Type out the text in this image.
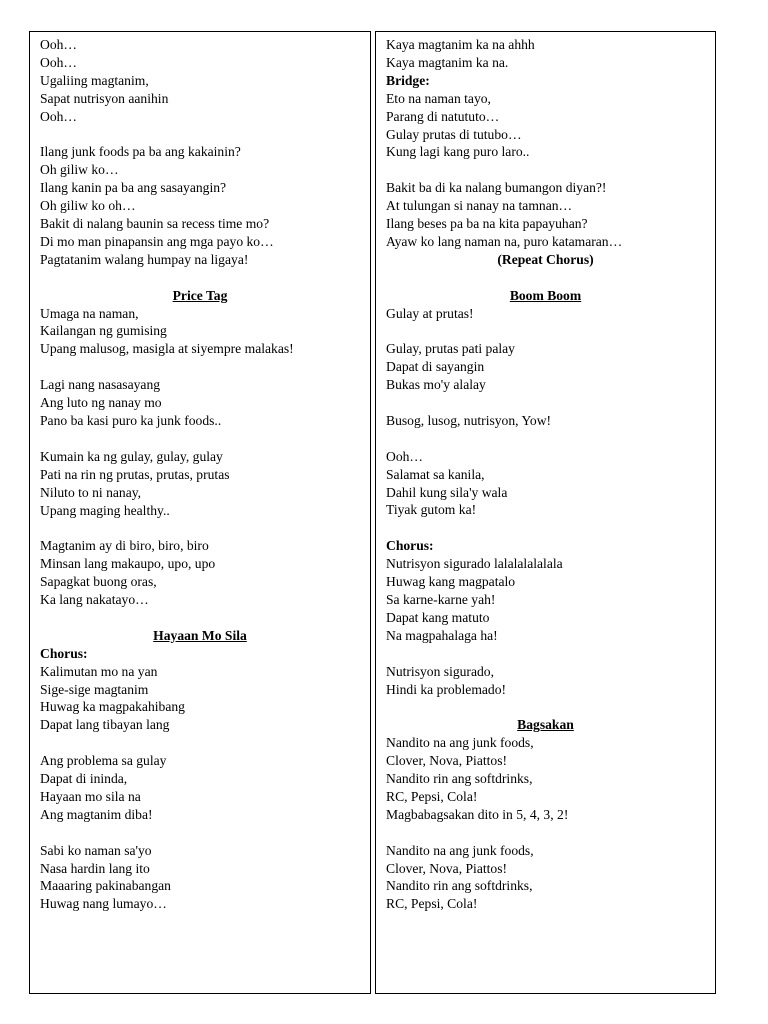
Ooh…
Ooh…
Ugaliing magtanim,
Sapat nutrisyon aanihin
Ooh…
Ilang junk foods pa ba ang kakainin?
Oh giliw ko…
Ilang kanin pa ba ang sasayangin?
Oh giliw ko oh…
Bakit di nalang baunin sa recess time mo?
Di mo man pinapansin ang mga payo ko…
Pagtatanim walang humpay na ligaya!
Price Tag
Umaga na naman,
Kailangan ng gumising
Upang malusog, masigla at siyempre malakas!
Lagi nang nasasayang
Ang luto ng nanay mo
Pano ba kasi puro ka junk foods..
Kumain ka ng gulay, gulay, gulay
Pati na rin ng prutas, prutas, prutas
Niluto to ni nanay,
Upang maging healthy..
Magtanim ay di biro, biro, biro
Minsan lang makaupo, upo, upo
Sapagkat buong oras,
Ka lang nakatayo…
Hayaan Mo Sila
Chorus:
Kalimutan mo na yan
Sige-sige magtanim
Huwag ka magpakahibang
Dapat lang tibayan lang
Ang problema sa gulay
Dapat di ininda,
Hayaan mo sila na
Ang magtanim diba!
Sabi ko naman sa'yo
Nasa hardin lang ito
Maaaring pakinabangan
Huwag nang lumayo…
Kaya magtanim ka na ahhh
Kaya magtanim ka na.
Bridge:
Eto na naman tayo,
Parang di natututo…
Gulay prutas di tutubo…
Kung lagi kang puro laro..
Bakit ba di ka nalang bumangon diyan?!
At tulungan si nanay na tamnan…
Ilang beses pa ba na kita papayuhan?
Ayaw ko lang naman na, puro katamaran…
(Repeat Chorus)
Boom Boom
Gulay at prutas!
Gulay, prutas pati palay
Dapat di sayangin
Bukas mo'y alalay
Busog, lusog, nutrisyon, Yow!
Ooh…
Salamat sa kanila,
Dahil kung sila'y wala
Tiyak gutom ka!
Chorus:
Nutrisyon sigurado lalalalalalala
Huwag kang magpatalo
Sa karne-karne yah!
Dapat kang matuto
Na magpahalaga ha!
Nutrisyon sigurado,
Hindi ka problemado!
Bagsakan
Nandito na ang junk foods,
Clover, Nova, Piattos!
Nandito rin ang softdrinks,
RC, Pepsi, Cola!
Magbabagsakan dito in 5, 4, 3, 2!
Nandito na ang junk foods,
Clover, Nova, Piattos!
Nandito rin ang softdrinks,
RC, Pepsi, Cola!
